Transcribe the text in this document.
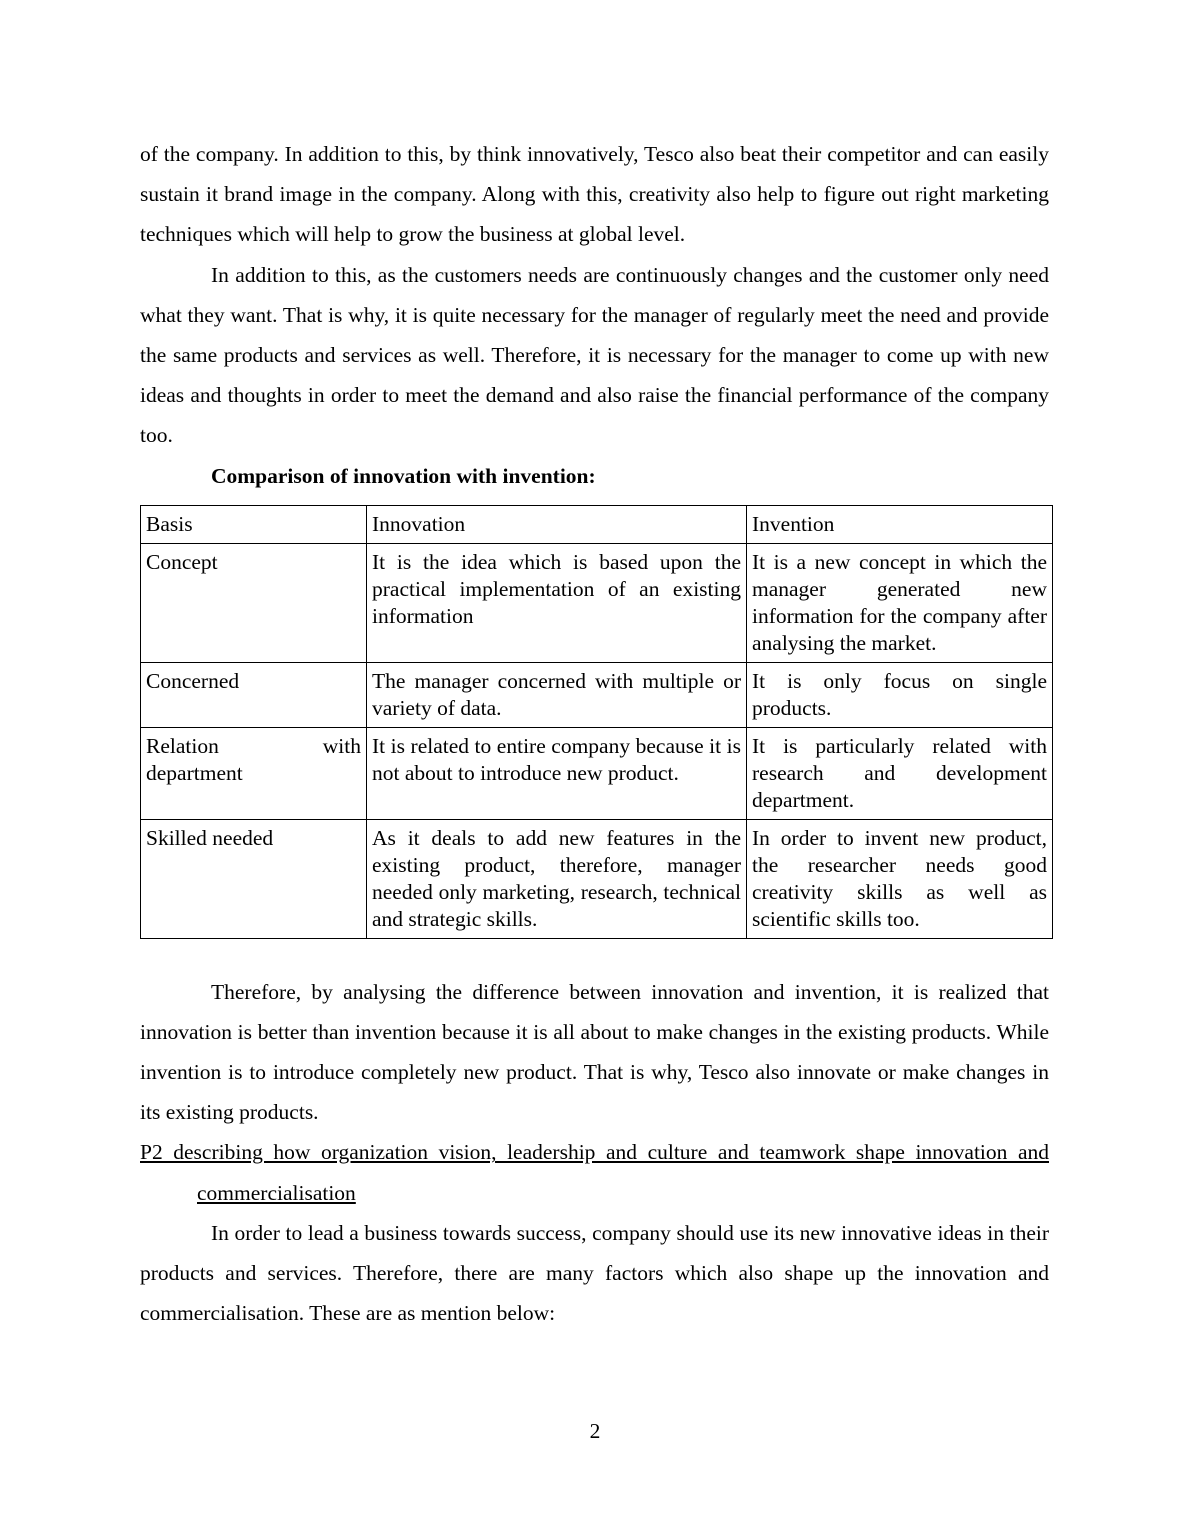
of the company. In addition to this, by think innovatively, Tesco also beat their competitor and can easily sustain it brand image in the company. Along with this, creativity also help to figure out right marketing techniques which will help to grow the business at global level.

In addition to this, as the customers needs are continuously changes and the customer only need what they want. That is why, it is quite necessary for the manager of regularly meet the need and provide the same products and services as well. Therefore, it is necessary for the manager to come up with new ideas and thoughts in order to meet the demand and also raise the financial performance of the company too.

Comparison of innovation with invention:

Basis	Innovation	Invention
Concept	It is the idea which is based upon the practical implementation of an existing information	It is a new concept in which the manager generated new information for the company after analysing the market.
Concerned	The manager concerned with multiple or variety of data.	It is only focus on single products.
Relation with department	It is related to entire company because it is not about to introduce new product.	It is particularly related with research and development department.
Skilled needed	As it deals to add new features in the existing product, therefore, manager needed only marketing, research, technical and strategic skills.	In order to invent new product, the researcher needs good creativity skills as well as scientific skills too.

Therefore, by analysing the difference between innovation and invention, it is realized that innovation is better than invention because it is all about to make changes in the existing products. While invention is to introduce completely new product. That is why, Tesco also innovate or make changes in its existing products.

P2 describing how organization vision, leadership and culture and teamwork shape innovation and commercialisation

In order to lead a business towards success, company should use its new innovative ideas in their products and services. Therefore, there are many factors which also shape up the innovation and commercialisation. These are as mention below:

2
